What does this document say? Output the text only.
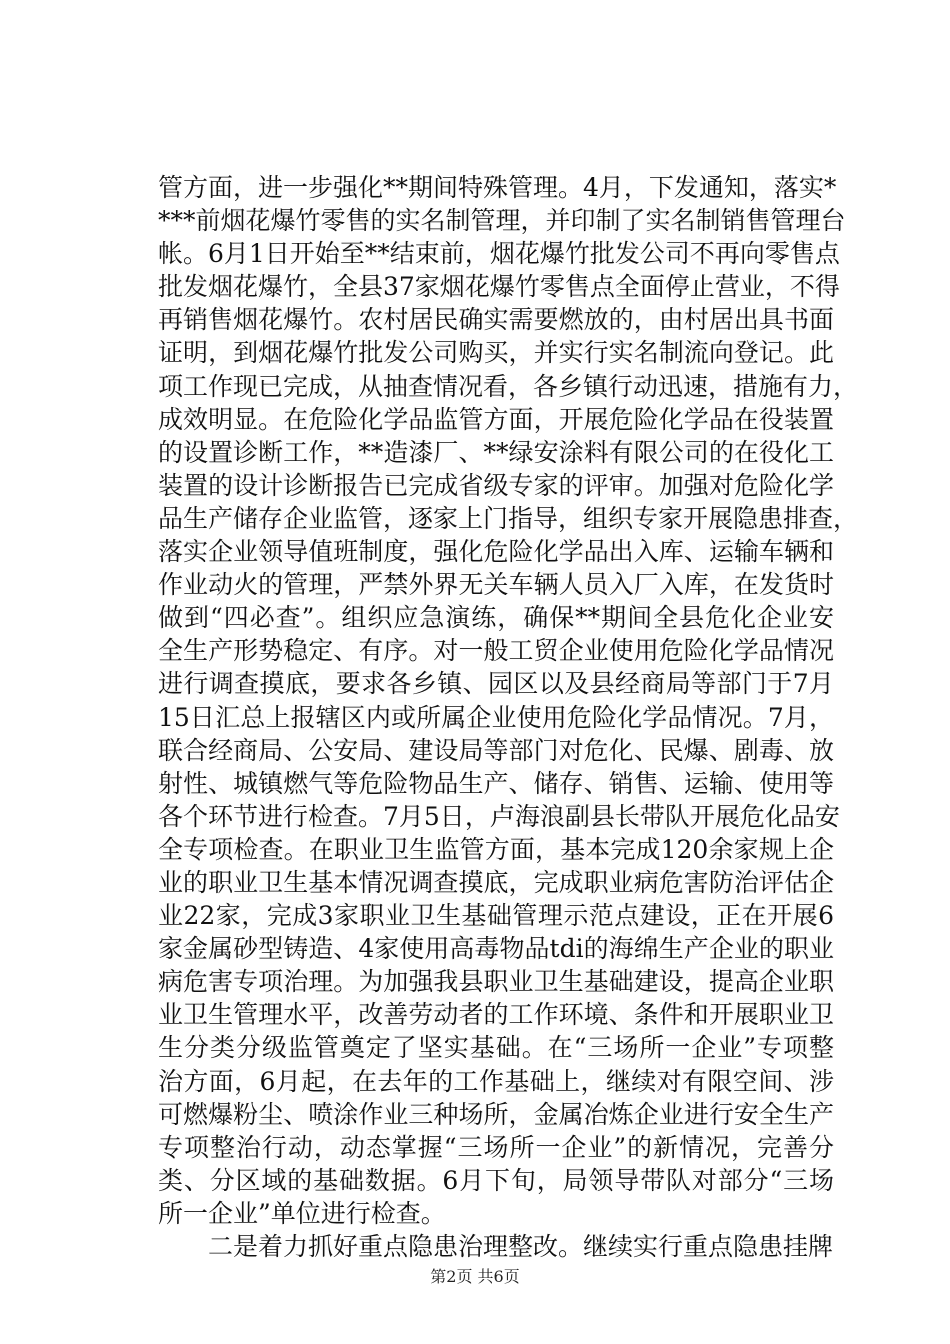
管方面，进一步强化**期间特殊管理。4月，下发通知，落实*
***前烟花爆竹零售的实名制管理，并印制了实名制销售管理台
帐。6月1日开始至**结束前，烟花爆竹批发公司不再向零售点
批发烟花爆竹，全县37家烟花爆竹零售点全面停止营业，不得
再销售烟花爆竹。农村居民确实需要燃放的，由村居出具书面
证明，到烟花爆竹批发公司购买，并实行实名制流向登记。此
项工作现已完成，从抽查情况看，各乡镇行动迅速，措施有力，
成效明显。在危险化学品监管方面，开展危险化学品在役装置
的设置诊断工作，**造漆厂、**绿安涂料有限公司的在役化工
装置的设计诊断报告已完成省级专家的评审。加强对危险化学
品生产储存企业监管，逐家上门指导，组织专家开展隐患排查，
落实企业领导值班制度，强化危险化学品出入库、运输车辆和
作业动火的管理，严禁外界无关车辆人员入厂入库，在发货时
做到“四必查”。组织应急演练，确保**期间全县危化企业安
全生产形势稳定、有序。对一般工贸企业使用危险化学品情况
进行调查摸底，要求各乡镇、园区以及县经商局等部门于7月
15日汇总上报辖区内或所属企业使用危险化学品情况。7月，
联合经商局、公安局、建设局等部门对危化、民爆、剧毒、放
射性、城镇燃气等危险物品生产、储存、销售、运输、使用等
各个环节进行检查。7月5日，卢海浪副县长带队开展危化品安
全专项检查。在职业卫生监管方面，基本完成120余家规上企
业的职业卫生基本情况调查摸底，完成职业病危害防治评估企
业22家，完成3家职业卫生基础管理示范点建设，正在开展6
家金属砂型铸造、4家使用高毒物品tdi的海绵生产企业的职业
病危害专项治理。为加强我县职业卫生基础建设，提高企业职
业卫生管理水平，改善劳动者的工作环境、条件和开展职业卫
生分类分级监管奠定了坚实基础。在“三场所一企业”专项整
治方面，6月起，在去年的工作基础上，继续对有限空间、涉
可燃爆粉尘、喷涂作业三种场所，金属冶炼企业进行安全生产
专项整治行动，动态掌握“三场所一企业”的新情况，完善分
类、分区域的基础数据。6月下旬，局领导带队对部分“三场
所一企业”单位进行检查。
二是着力抓好重点隐患治理整改。继续实行重点隐患挂牌
第2页 共6页
